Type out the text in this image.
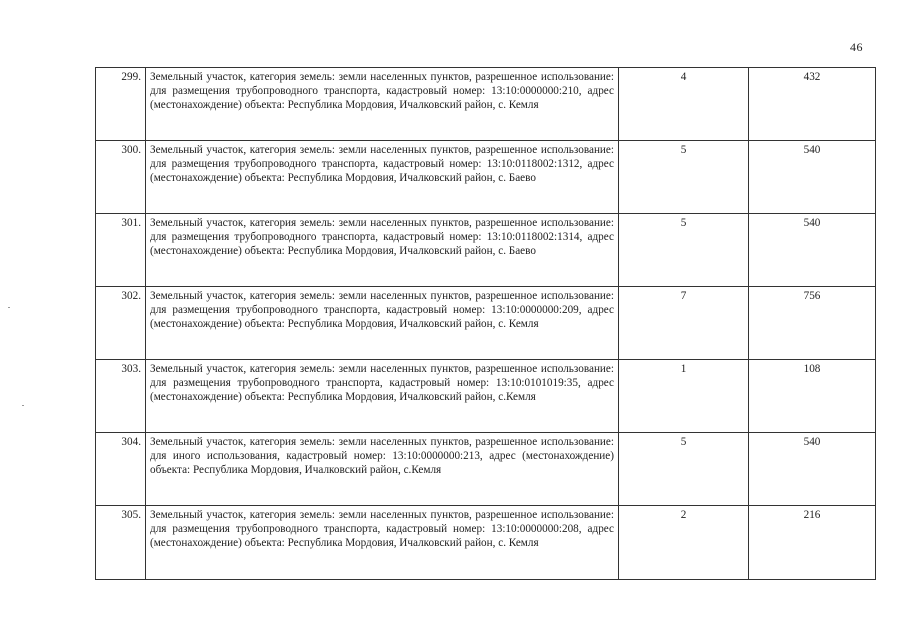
46
299.	Земельный участок, категория земель: земли населенных пунктов, разрешенное использование: для размещения трубопроводного транспорта, кадастровый номер: 13:10:0000000:210, адрес (местонахождение) объекта: Республика Мордовия, Ичалковский район, с. Кемля	4	432
300.	Земельный участок, категория земель: земли населенных пунктов, разрешенное использование: для размещения трубопроводного транспорта, кадастровый номер: 13:10:0118002:1312, адрес (местонахождение) объекта: Республика Мордовия, Ичалковский район, с. Баево	5	540
301.	Земельный участок, категория земель: земли населенных пунктов, разрешенное использование: для размещения трубопроводного транспорта, кадастровый номер: 13:10:0118002:1314, адрес (местонахождение) объекта: Республика Мордовия, Ичалковский район, с. Баево	5	540
302.	Земельный участок, категория земель: земли населенных пунктов, разрешенное использование: для размещения трубопроводного транспорта, кадастровый номер: 13:10:0000000:209, адрес (местонахождение) объекта: Республика Мордовия, Ичалковский район, с. Кемля	7	756
303.	Земельный участок, категория земель: земли населенных пунктов, разрешенное использование: для размещения трубопроводного транспорта, кадастровый номер: 13:10:0101019:35, адрес (местонахождение) объекта: Республика Мордовия, Ичалковский район, с.Кемля	1	108
304.	Земельный участок, категория земель: земли населенных пунктов, разрешенное использование: для иного использования, кадастровый номер: 13:10:0000000:213, адрес (местонахождение) объекта: Республика Мордовия, Ичалковский район, с.Кемля	5	540
305.	Земельный участок, категория земель: земли населенных пунктов, разрешенное использование: для размещения трубопроводного транспорта, кадастровый номер: 13:10:0000000:208, адрес (местонахождение) объекта: Республика Мордовия, Ичалковский район, с. Кемля	2	216
